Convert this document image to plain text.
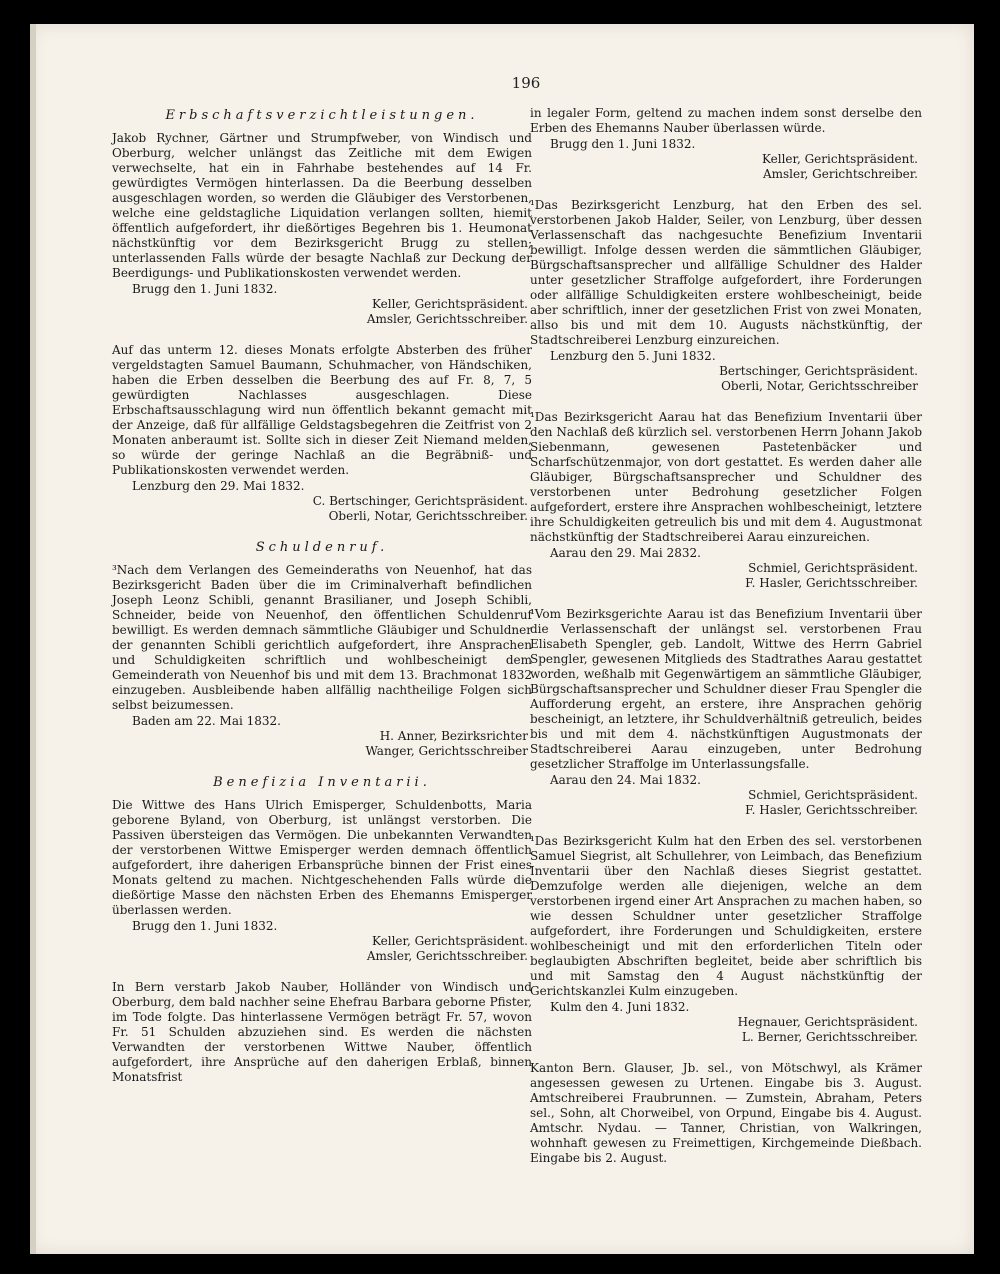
196
Erbschaftsverzichtleistungen.
Jakob Rychner, Gärtner und Strumpfweber, von Windisch und Oberburg, welcher unlängst das Zeitliche mit dem Ewigen verwechselte, hat ein in Fahrhabe bestehendes auf 14 Fr. gewürdigtes Vermögen hinterlassen. Da die Beerbung desselben ausgeschlagen worden, so werden die Gläubiger des Verstorbenen, welche eine geldstagliche Liquidation verlangen sollten, hiemit öffentlich aufgefordert, ihr dießörtiges Begehren bis 1. Heumonat nächstkünftig vor dem Bezirksgericht Brugg zu stellen; unterlassenden Falls würde der besagte Nachlaß zur Deckung der Beerdigungs- und Publikationskosten verwendet werden.
Brugg den 1. Juni 1832.
Keller, Gerichtspräsident.
Amsler, Gerichtsschreiber.
Auf das unterm 12. dieses Monats erfolgte Absterben des früher vergeldstagten Samuel Baumann, Schuhmacher, von Händschiken, haben die Erben desselben die Beerbung des auf Fr. 8, 7, 5 gewürdigten Nachlasses ausgeschlagen. Diese Erbschaftsausschlagung wird nun öffentlich bekannt gemacht mit der Anzeige, daß für allfällige Geldstagsbegehren die Zeitfrist von 2 Monaten anberaumt ist. Sollte sich in dieser Zeit Niemand melden, so würde der geringe Nachlaß an die Begräbniß- und Publikationskosten verwendet werden.
Lenzburg den 29. Mai 1832.
C. Bertschinger, Gerichtspräsident.
Oberli, Notar, Gerichtsschreiber.
Schuldenruf.
³Nach dem Verlangen des Gemeinderaths von Neuenhof, hat das Bezirksgericht Baden über die im Criminalverhaft befindlichen Joseph Leonz Schibli, genannt Brasilianer, und Joseph Schibli, Schneider, beide von Neuenhof, den öffentlichen Schuldenruf bewilligt. Es werden demnach sämmtliche Gläubiger und Schuldner der genannten Schibli gerichtlich aufgefordert, ihre Ansprachen und Schuldigkeiten schriftlich und wohlbescheinigt dem Gemeinderath von Neuenhof bis und mit dem 13. Brachmonat 1832 einzugeben. Ausbleibende haben allfällig nachtheilige Folgen sich selbst beizumessen.
Baden am 22. Mai 1832.
H. Anner, Bezirksrichter
Wanger, Gerichtsschreiber
Benefizia Inventarii.
Die Wittwe des Hans Ulrich Emisperger, Schuldenbotts, Maria geborene Byland, von Oberburg, ist unlängst verstorben. Die Passiven übersteigen das Vermögen. Die unbekannten Verwandten der verstorbenen Wittwe Emisperger werden demnach öffentlich aufgefordert, ihre daherigen Erbansprüche binnen der Frist eines Monats geltend zu machen. Nichtgeschehenden Falls würde die dießörtige Masse den nächsten Erben des Ehemanns Emisperger überlassen werden.
Brugg den 1. Juni 1832.
Keller, Gerichtspräsident.
Amsler, Gerichtsschreiber.
In Bern verstarb Jakob Nauber, Holländer von Windisch und Oberburg, dem bald nachher seine Ehefrau Barbara geborne Pfister, im Tode folgte. Das hinterlassene Vermögen beträgt Fr. 57, wovon Fr. 51 Schulden abzuziehen sind. Es werden die nächsten Verwandten der verstorbenen Wittwe Nauber, öffentlich aufgefordert, ihre Ansprüche auf den daherigen Erblaß, binnen Monatsfrist
in legaler Form, geltend zu machen indem sonst derselbe den Erben des Ehemanns Nauber überlassen würde.
Brugg den 1. Juni 1832.
Keller, Gerichtspräsident.
Amsler, Gerichtschreiber.
¹Das Bezirksgericht Lenzburg, hat den Erben des sel. verstorbenen Jakob Halder, Seiler, von Lenzburg, über dessen Verlassenschaft das nachgesuchte Benefizium Inventarii bewilligt. Infolge dessen werden die sämmtlichen Gläubiger, Bürgschaftsansprecher und allfällige Schuldner des Halder unter gesetzlicher Straffolge aufgefordert, ihre Forderungen oder allfällige Schuldigkeiten erstere wohlbescheinigt, beide aber schriftlich, inner der gesetzlichen Frist von zwei Monaten, allso bis und mit dem 10. Augusts nächstkünftig, der Stadtschreiberei Lenzburg einzureichen.
Lenzburg den 5. Juni 1832.
Bertschinger, Gerichtspräsident.
Oberli, Notar, Gerichtsschreiber
¹Das Bezirksgericht Aarau hat das Benefizium Inventarii über den Nachlaß deß kürzlich sel. verstorbenen Herrn Johann Jakob Siebenmann, gewesenen Pastetenbäcker und Scharfschützenmajor, von dort gestattet. Es werden daher alle Gläubiger, Bürgschaftsansprecher und Schuldner des verstorbenen unter Bedrohung gesetzlicher Folgen aufgefordert, erstere ihre Ansprachen wohlbescheinigt, letztere ihre Schuldigkeiten getreulich bis und mit dem 4. Augustmonat nächstkünftig der Stadtschreiberei Aarau einzureichen.
Aarau den 29. Mai 2832.
Schmiel, Gerichtspräsident.
F. Hasler, Gerichtsschreiber.
¹Vom Bezirksgerichte Aarau ist das Benefizium Inventarii über die Verlassenschaft der unlängst sel. verstorbenen Frau Elisabeth Spengler, geb. Landolt, Wittwe des Herrn Gabriel Spengler, gewesenen Mitglieds des Stadtrathes Aarau gestattet worden, weßhalb mit Gegenwärtigem an sämmtliche Gläubiger, Bürgschaftsansprecher und Schuldner dieser Frau Spengler die Aufforderung ergeht, an erstere, ihre Ansprachen gehörig bescheinigt, an letztere, ihr Schuldverhältniß getreulich, beides bis und mit dem 4. nächstkünftigen Augustmonats der Stadtschreiberei Aarau einzugeben, unter Bedrohung gesetzlicher Straffolge im Unterlassungsfalle.
Aarau den 24. Mai 1832.
Schmiel, Gerichtspräsident.
F. Hasler, Gerichtsschreiber.
¹Das Bezirksgericht Kulm hat den Erben des sel. verstorbenen Samuel Siegrist, alt Schullehrer, von Leimbach, das Benefizium Inventarii über den Nachlaß dieses Siegrist gestattet. Demzufolge werden alle diejenigen, welche an dem verstorbenen irgend einer Art Ansprachen zu machen haben, so wie dessen Schuldner unter gesetzlicher Straffolge aufgefordert, ihre Forderungen und Schuldigkeiten, erstere wohlbescheinigt und mit den erforderlichen Titeln oder beglaubigten Abschriften begleitet, beide aber schriftlich bis und mit Samstag den 4 August nächstkünftig der Gerichtskanzlei Kulm einzugeben.
Kulm den 4. Juni 1832.
Hegnauer, Gerichtspräsident.
L. Berner, Gerichtsschreiber.
Kanton Bern. Glauser, Jb. sel., von Mötschwyl, als Krämer angesessen gewesen zu Urtenen. Eingabe bis 3. August. Amtschreiberei Fraubrunnen. — Zumstein, Abraham, Peters sel., Sohn, alt Chorweibel, von Orpund, Eingabe bis 4. August. Amtschr. Nydau. — Tanner, Christian, von Walkringen, wohnhaft gewesen zu Freimettigen, Kirchgemeinde Dießbach. Eingabe bis 2. August.
